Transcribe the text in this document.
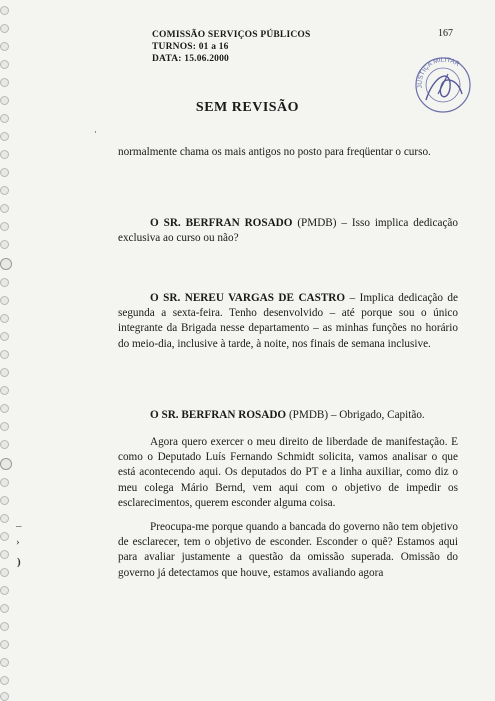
–
›
)
COMISSÃO SERVIÇOS PÚBLICOS
TURNOS: 01 a 16
DATA: 15.06.2000
167
JUSTIÇA MILITAR
SEM REVISÃO
·
normalmente chama os mais antigos no posto para freqüentar o curso.
O SR. BERFRAN ROSADO (PMDB) – Isso implica dedicação exclusiva ao curso ou não?
O SR. NEREU VARGAS DE CASTRO – Implica dedicação de segunda a sexta-feira. Tenho desenvolvido – até porque sou o único integrante da Brigada nesse departamento – as minhas funções no horário do meio-dia, inclusive à tarde, à noite, nos finais de semana inclusive.
O SR. BERFRAN ROSADO (PMDB) – Obrigado, Capitão.
Agora quero exercer o meu direito de liberdade de manifestação. E como o Deputado Luís Fernando Schmidt solicita, vamos analisar o que está acontecendo aqui. Os deputados do PT e a linha auxiliar, como diz o meu colega Mário Bernd, vem aqui com o objetivo de impedir os esclarecimentos, querem esconder alguma coisa.
Preocupa-me porque quando a bancada do governo não tem objetivo de esclarecer, tem o objetivo de esconder. Esconder o quê? Estamos aqui para avaliar justamente a questão da omissão superada. Omissão do governo já detectamos que houve, estamos avaliando agora
